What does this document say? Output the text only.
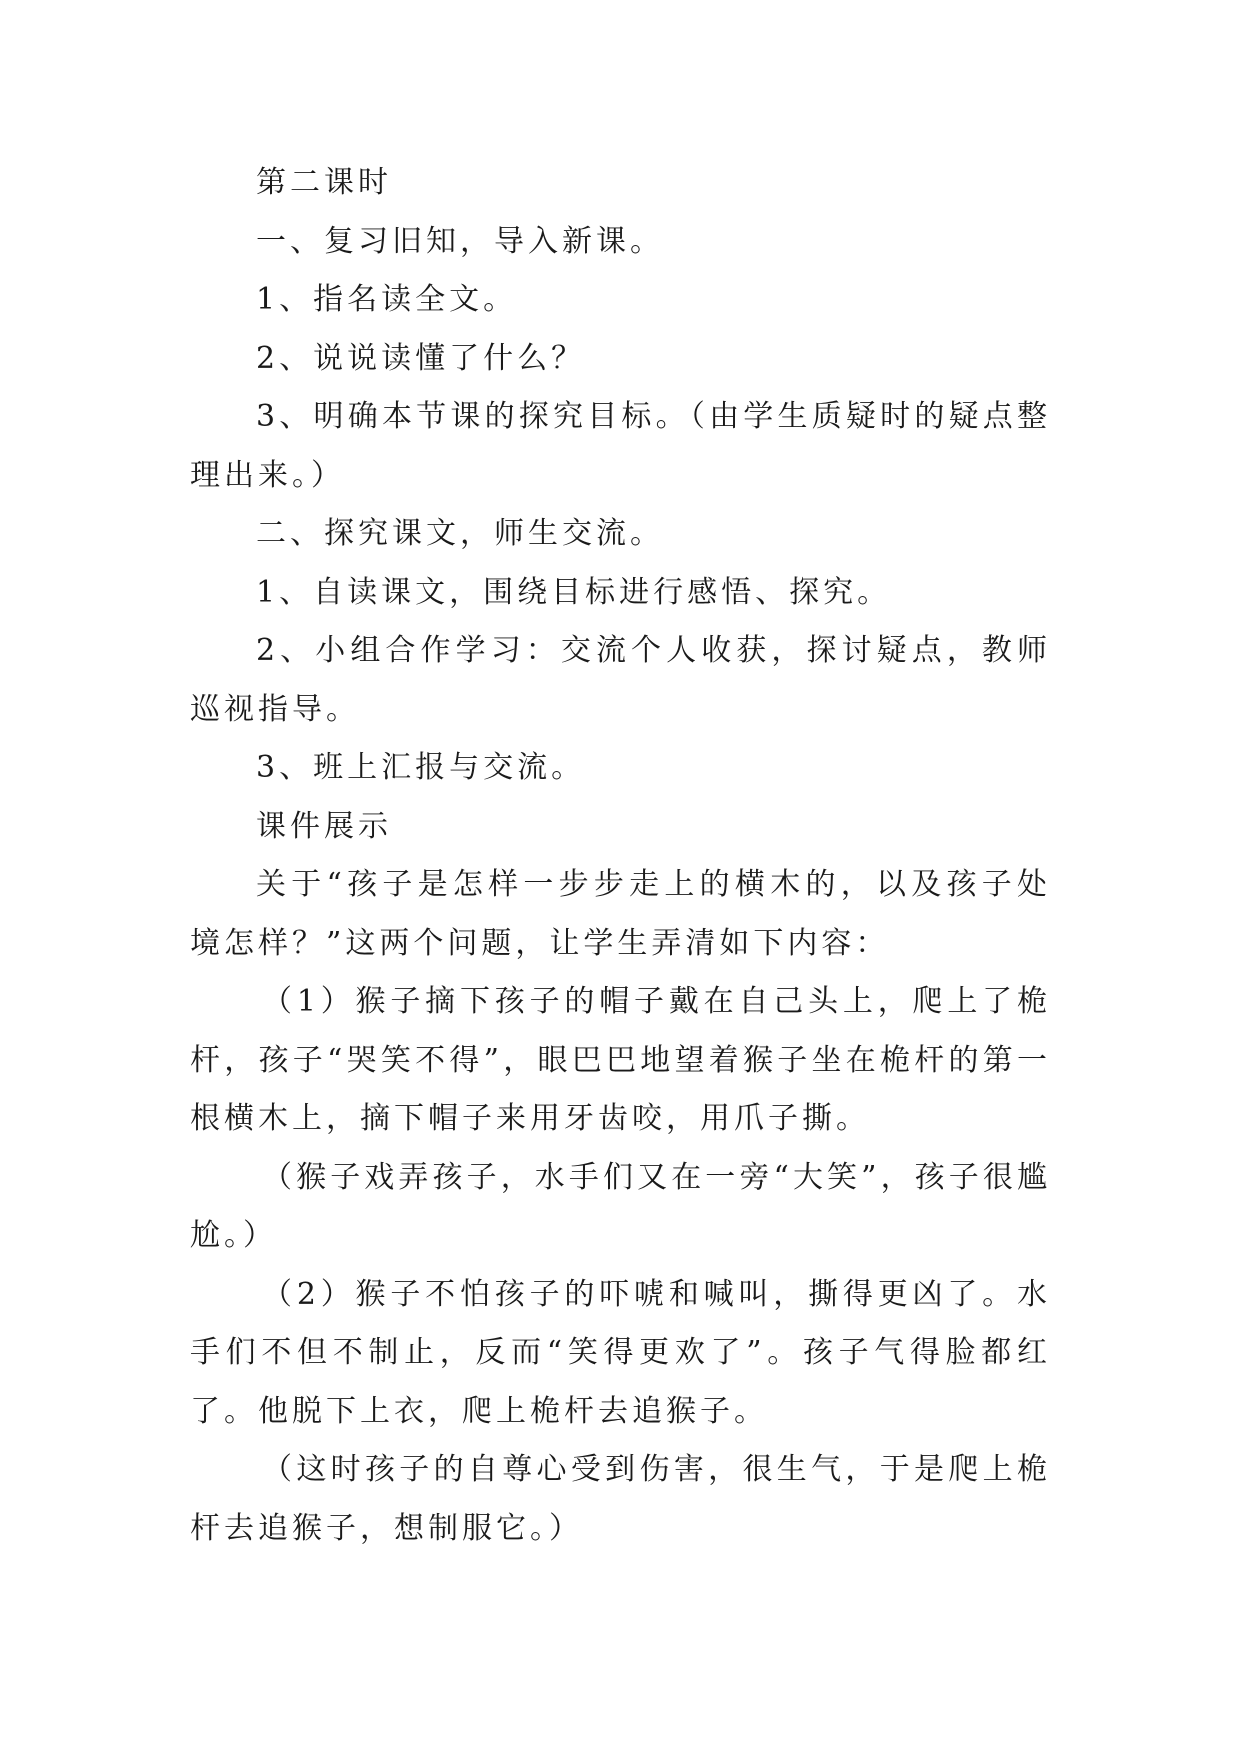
第二课时

一、复习旧知，导入新课。

1、指名读全文。

2、说说读懂了什么？

3、明确本节课的探究目标。（由学生质疑时的疑点整理出来。）

二、探究课文，师生交流。

1、自读课文，围绕目标进行感悟、探究。

2、小组合作学习：交流个人收获，探讨疑点，教师巡视指导。

3、班上汇报与交流。

课件展示

关于“孩子是怎样一步步走上的横木的，以及孩子处境怎样？”这两个问题，让学生弄清如下内容：

（1）猴子摘下孩子的帽子戴在自己头上，爬上了桅杆，孩子“哭笑不得”，眼巴巴地望着猴子坐在桅杆的第一根横木上，摘下帽子来用牙齿咬，用爪子撕。

（猴子戏弄孩子，水手们又在一旁“大笑”，孩子很尴尬。）

（2）猴子不怕孩子的吓唬和喊叫，撕得更凶了。水手们不但不制止，反而“笑得更欢了”。孩子气得脸都红了。他脱下上衣，爬上桅杆去追猴子。

（这时孩子的自尊心受到伤害，很生气，于是爬上桅杆去追猴子，想制服它。）
